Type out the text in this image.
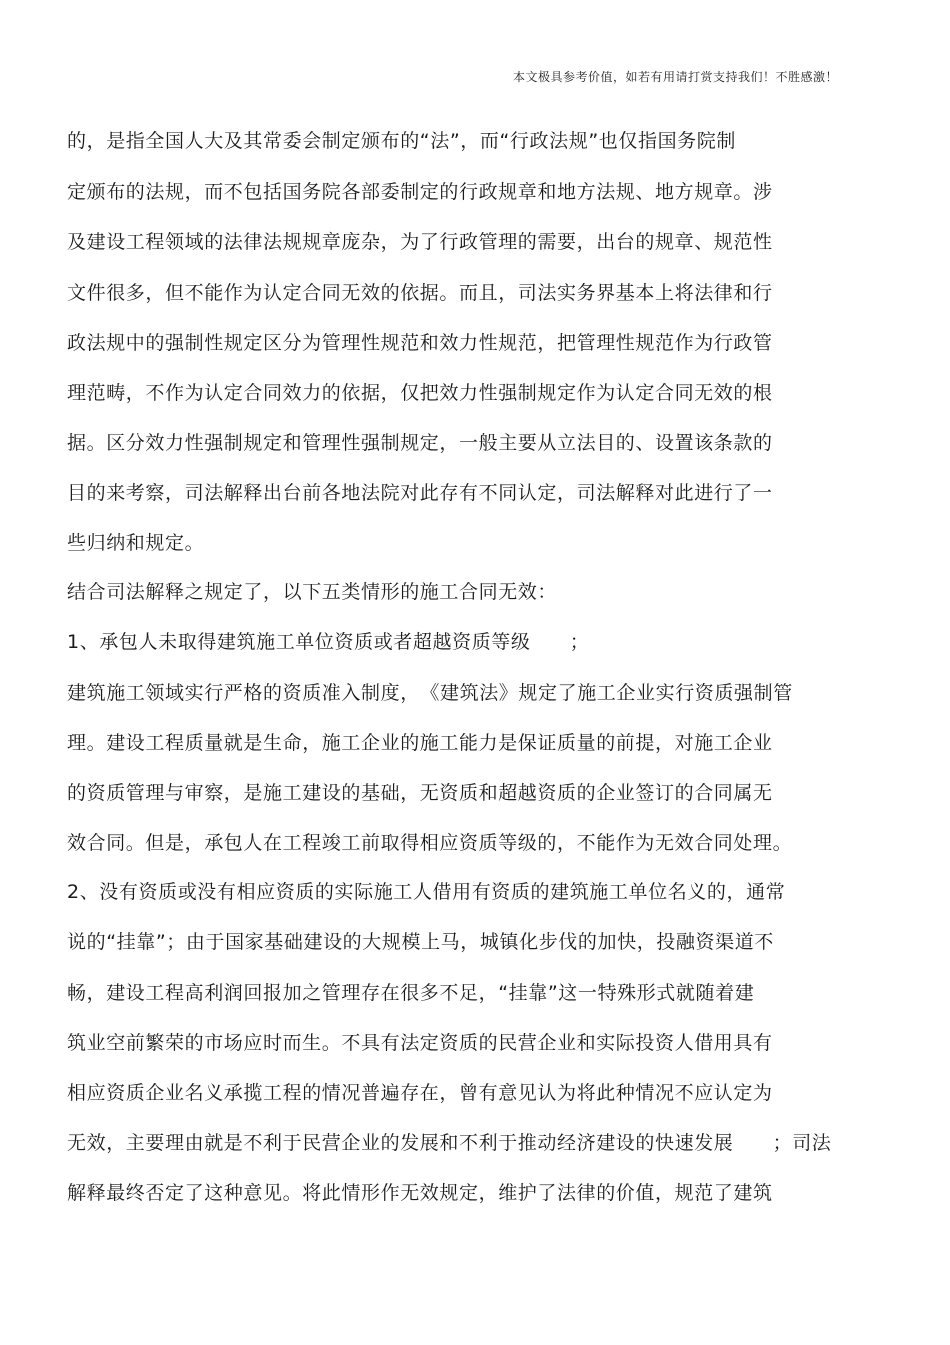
本文极具参考价值，如若有用请打赏支持我们！不胜感激！
的，是指全国人大及其常委会制定颁布的“法”，而“行政法规”也仅指国务院制
定颁布的法规，而不包括国务院各部委制定的行政规章和地方法规、地方规章。涉
及建设工程领域的法律法规规章庞杂，为了行政管理的需要，出台的规章、规范性
文件很多，但不能作为认定合同无效的依据。而且，司法实务界基本上将法律和行
政法规中的强制性规定区分为管理性规范和效力性规范，把管理性规范作为行政管
理范畴，不作为认定合同效力的依据，仅把效力性强制规定作为认定合同无效的根
据。区分效力性强制规定和管理性强制规定，一般主要从立法目的、设置该条款的
目的来考察，司法解释出台前各地法院对此存有不同认定，司法解释对此进行了一
些归纳和规定。
结合司法解释之规定了，以下五类情形的施工合同无效：
1、承包人未取得建筑施工单位资质或者超越资质等级　　；
建筑施工领域实行严格的资质准入制度，　《建筑法》规定了施工企业实行资质强制管
理。建设工程质量就是生命，施工企业的施工能力是保证质量的前提，对施工企业
的资质管理与审察，是施工建设的基础，无资质和超越资质的企业签订的合同属无
效合同。但是，承包人在工程竣工前取得相应资质等级的，不能作为无效合同处理。
2、没有资质或没有相应资质的实际施工人借用有资质的建筑施工单位名义的，通常
说的“挂靠”；由于国家基础建设的大规模上马，城镇化步伐的加快，投融资渠道不
畅，建设工程高利润回报加之管理存在很多不足，“挂靠”这一特殊形式就随着建
筑业空前繁荣的市场应时而生。不具有法定资质的民营企业和实际投资人借用具有
相应资质企业名义承揽工程的情况普遍存在，曾有意见认为将此种情况不应认定为
无效，主要理由就是不利于民营企业的发展和不利于推动经济建设的快速发展　　；司法
解释最终否定了这种意见。将此情形作无效规定，维护了法律的价值，规范了建筑
